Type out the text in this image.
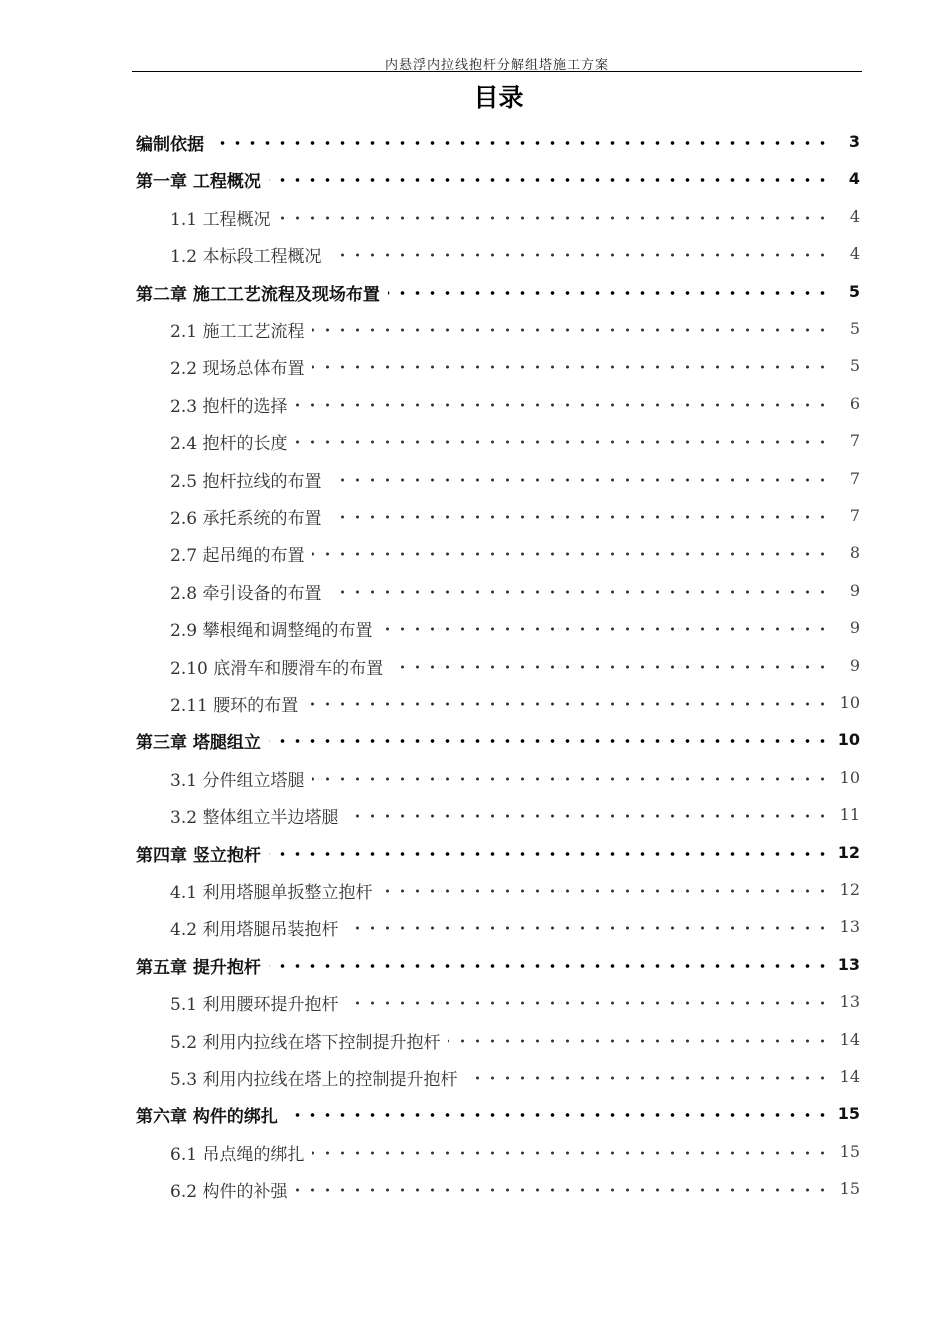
内悬浮内拉线抱杆分解组塔施工方案
目录
编制依据	3
第一章 工程概况	4
1.1 工程概况	4
1.2 本标段工程概况	4
第二章 施工工艺流程及现场布置	5
2.1 施工工艺流程	5
2.2 现场总体布置	5
2.3 抱杆的选择	6
2.4 抱杆的长度	7
2.5 抱杆拉线的布置	7
2.6 承托系统的布置	7
2.7 起吊绳的布置	8
2.8 牵引设备的布置	9
2.9 攀根绳和调整绳的布置	9
2.10 底滑车和腰滑车的布置	9
2.11 腰环的布置	10
第三章 塔腿组立	10
3.1 分件组立塔腿	10
3.2 整体组立半边塔腿	11
第四章 竖立抱杆	12
4.1 利用塔腿单扳整立抱杆	12
4.2 利用塔腿吊装抱杆	13
第五章 提升抱杆	13
5.1 利用腰环提升抱杆	13
5.2 利用内拉线在塔下控制提升抱杆	14
5.3 利用内拉线在塔上的控制提升抱杆	14
第六章 构件的绑扎	15
6.1 吊点绳的绑扎	15
6.2 构件的补强	15
